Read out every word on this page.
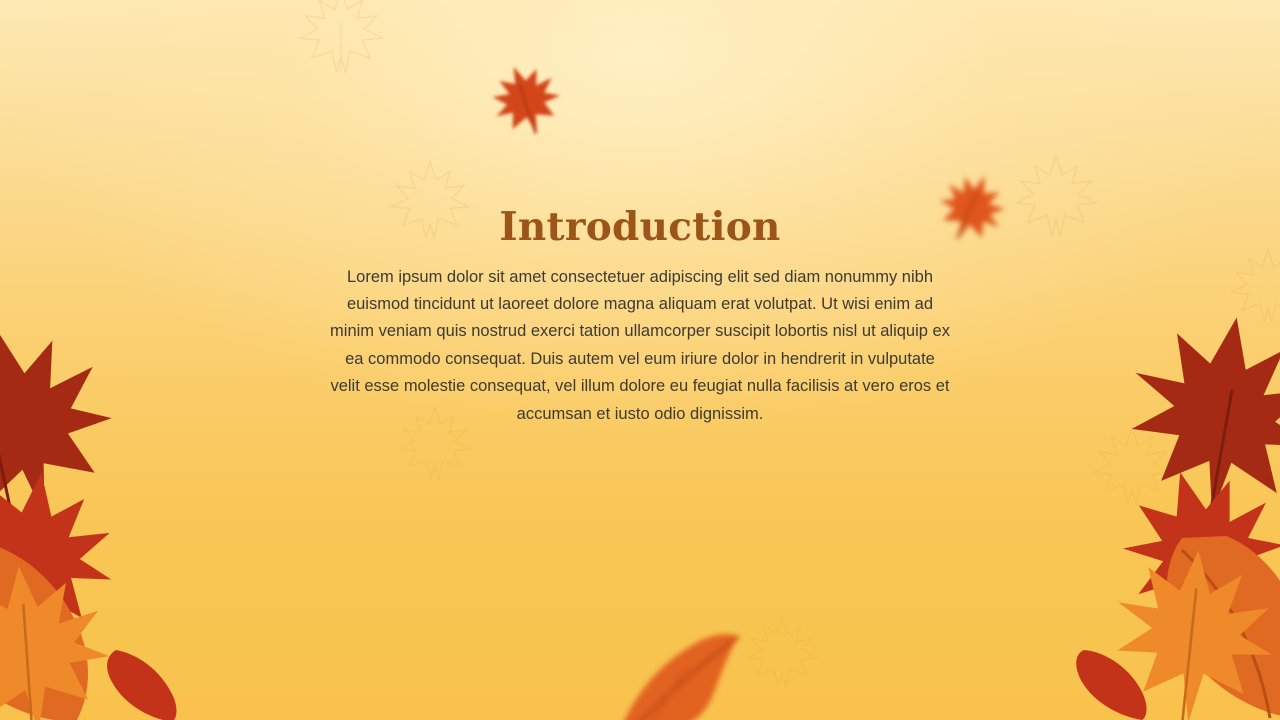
Introduction

Lorem ipsum dolor sit amet consectetuer adipiscing elit sed diam nonummy nibh euismod tincidunt ut laoreet dolore magna aliquam erat volutpat. Ut wisi enim ad minim veniam quis nostrud exerci tation ullamcorper suscipit lobortis nisl ut aliquip ex ea commodo consequat. Duis autem vel eum iriure dolor in hendrerit in vulputate velit esse molestie consequat, vel illum dolore eu feugiat nulla facilisis at vero eros et accumsan et iusto odio dignissim.
